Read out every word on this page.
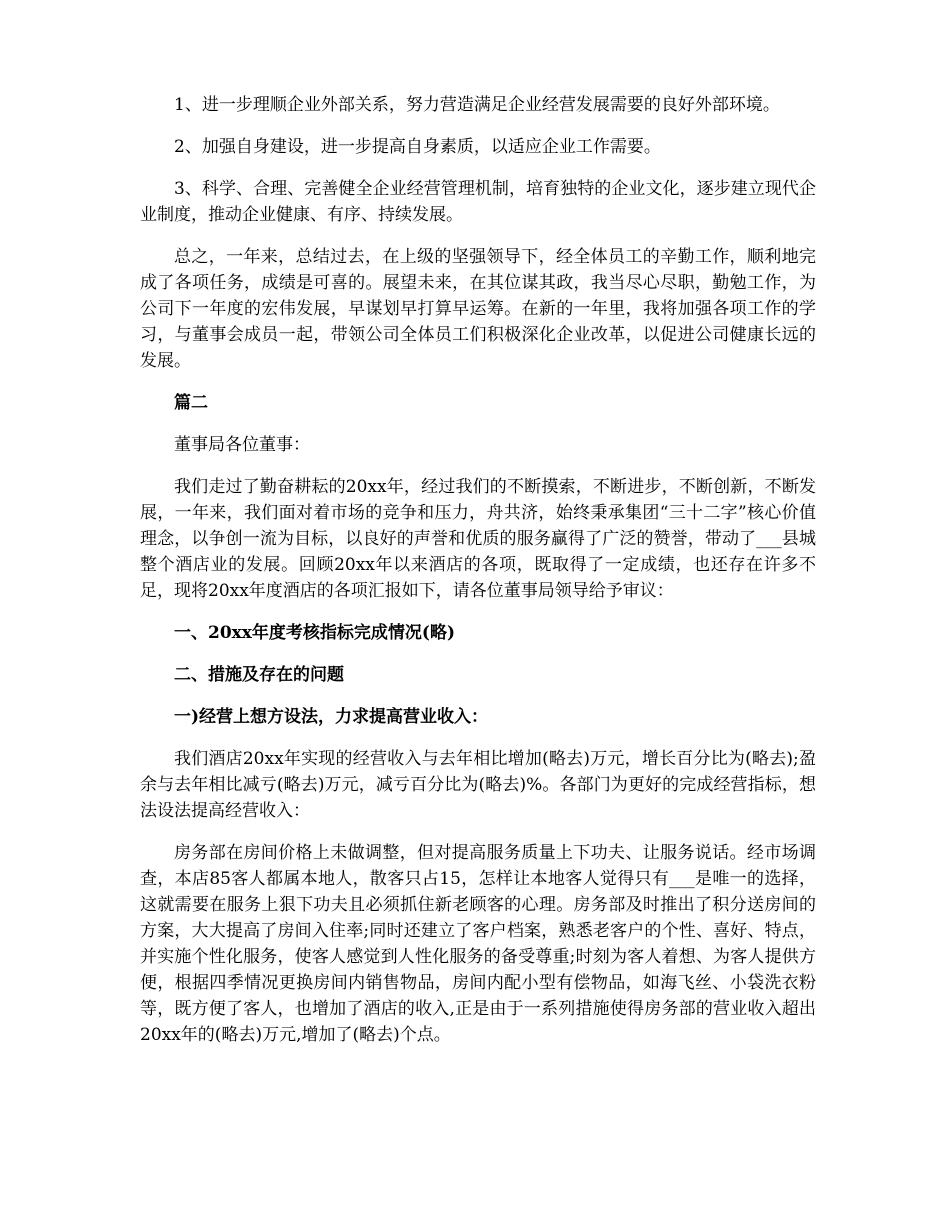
1、进一步理顺企业外部关系，努力营造满足企业经营发展需要的良好外部环境。

2、加强自身建设，进一步提高自身素质，以适应企业工作需要。

3、科学、合理、完善健全企业经营管理机制，培育独特的企业文化，逐步建立现代企业制度，推动企业健康、有序、持续发展。

总之，一年来，总结过去，在上级的坚强领导下，经全体员工的辛勤工作，顺利地完成了各项任务，成绩是可喜的。展望未来，在其位谋其政，我当尽心尽职，勤勉工作，为公司下一年度的宏伟发展，早谋划早打算早运筹。在新的一年里，我将加强各项工作的学习，与董事会成员一起，带领公司全体员工们积极深化企业改革，以促进公司健康长远的发展。

篇二

董事局各位董事：

我们走过了勤奋耕耘的20xx年，经过我们的不断摸索，不断进步，不断创新，不断发展，一年来，我们面对着市场的竞争和压力，舟共济，始终秉承集团“三十二字”核心价值理念，以争创一流为目标，以良好的声誉和优质的服务赢得了广泛的赞誉，带动了___县城整个酒店业的发展。回顾20xx年以来酒店的各项，既取得了一定成绩，也还存在许多不足，现将20xx年度酒店的各项汇报如下，请各位董事局领导给予审议：

一、20xx年度考核指标完成情况(略)

二、措施及存在的问题

一)经营上想方设法，力求提高营业收入：

我们酒店20xx年实现的经营收入与去年相比增加(略去)万元，增长百分比为(略去);盈余与去年相比减亏(略去)万元，减亏百分比为(略去)%。各部门为更好的完成经营指标，想法设法提高经营收入：

房务部在房间价格上未做调整，但对提高服务质量上下功夫、让服务说话。经市场调查，本店85客人都属本地人，散客只占15，怎样让本地客人觉得只有___是唯一的选择，这就需要在服务上狠下功夫且必须抓住新老顾客的心理。房务部及时推出了积分送房间的方案，大大提高了房间入住率;同时还建立了客户档案，熟悉老客户的个性、喜好、特点，并实施个性化服务，使客人感觉到人性化服务的备受尊重;时刻为客人着想、为客人提供方便，根据四季情况更换房间内销售物品，房间内配小型有偿物品，如海飞丝、小袋洗衣粉等，既方便了客人，也增加了酒店的收入,正是由于一系列措施使得房务部的营业收入超出20xx年的(略去)万元,增加了(略去)个点。
